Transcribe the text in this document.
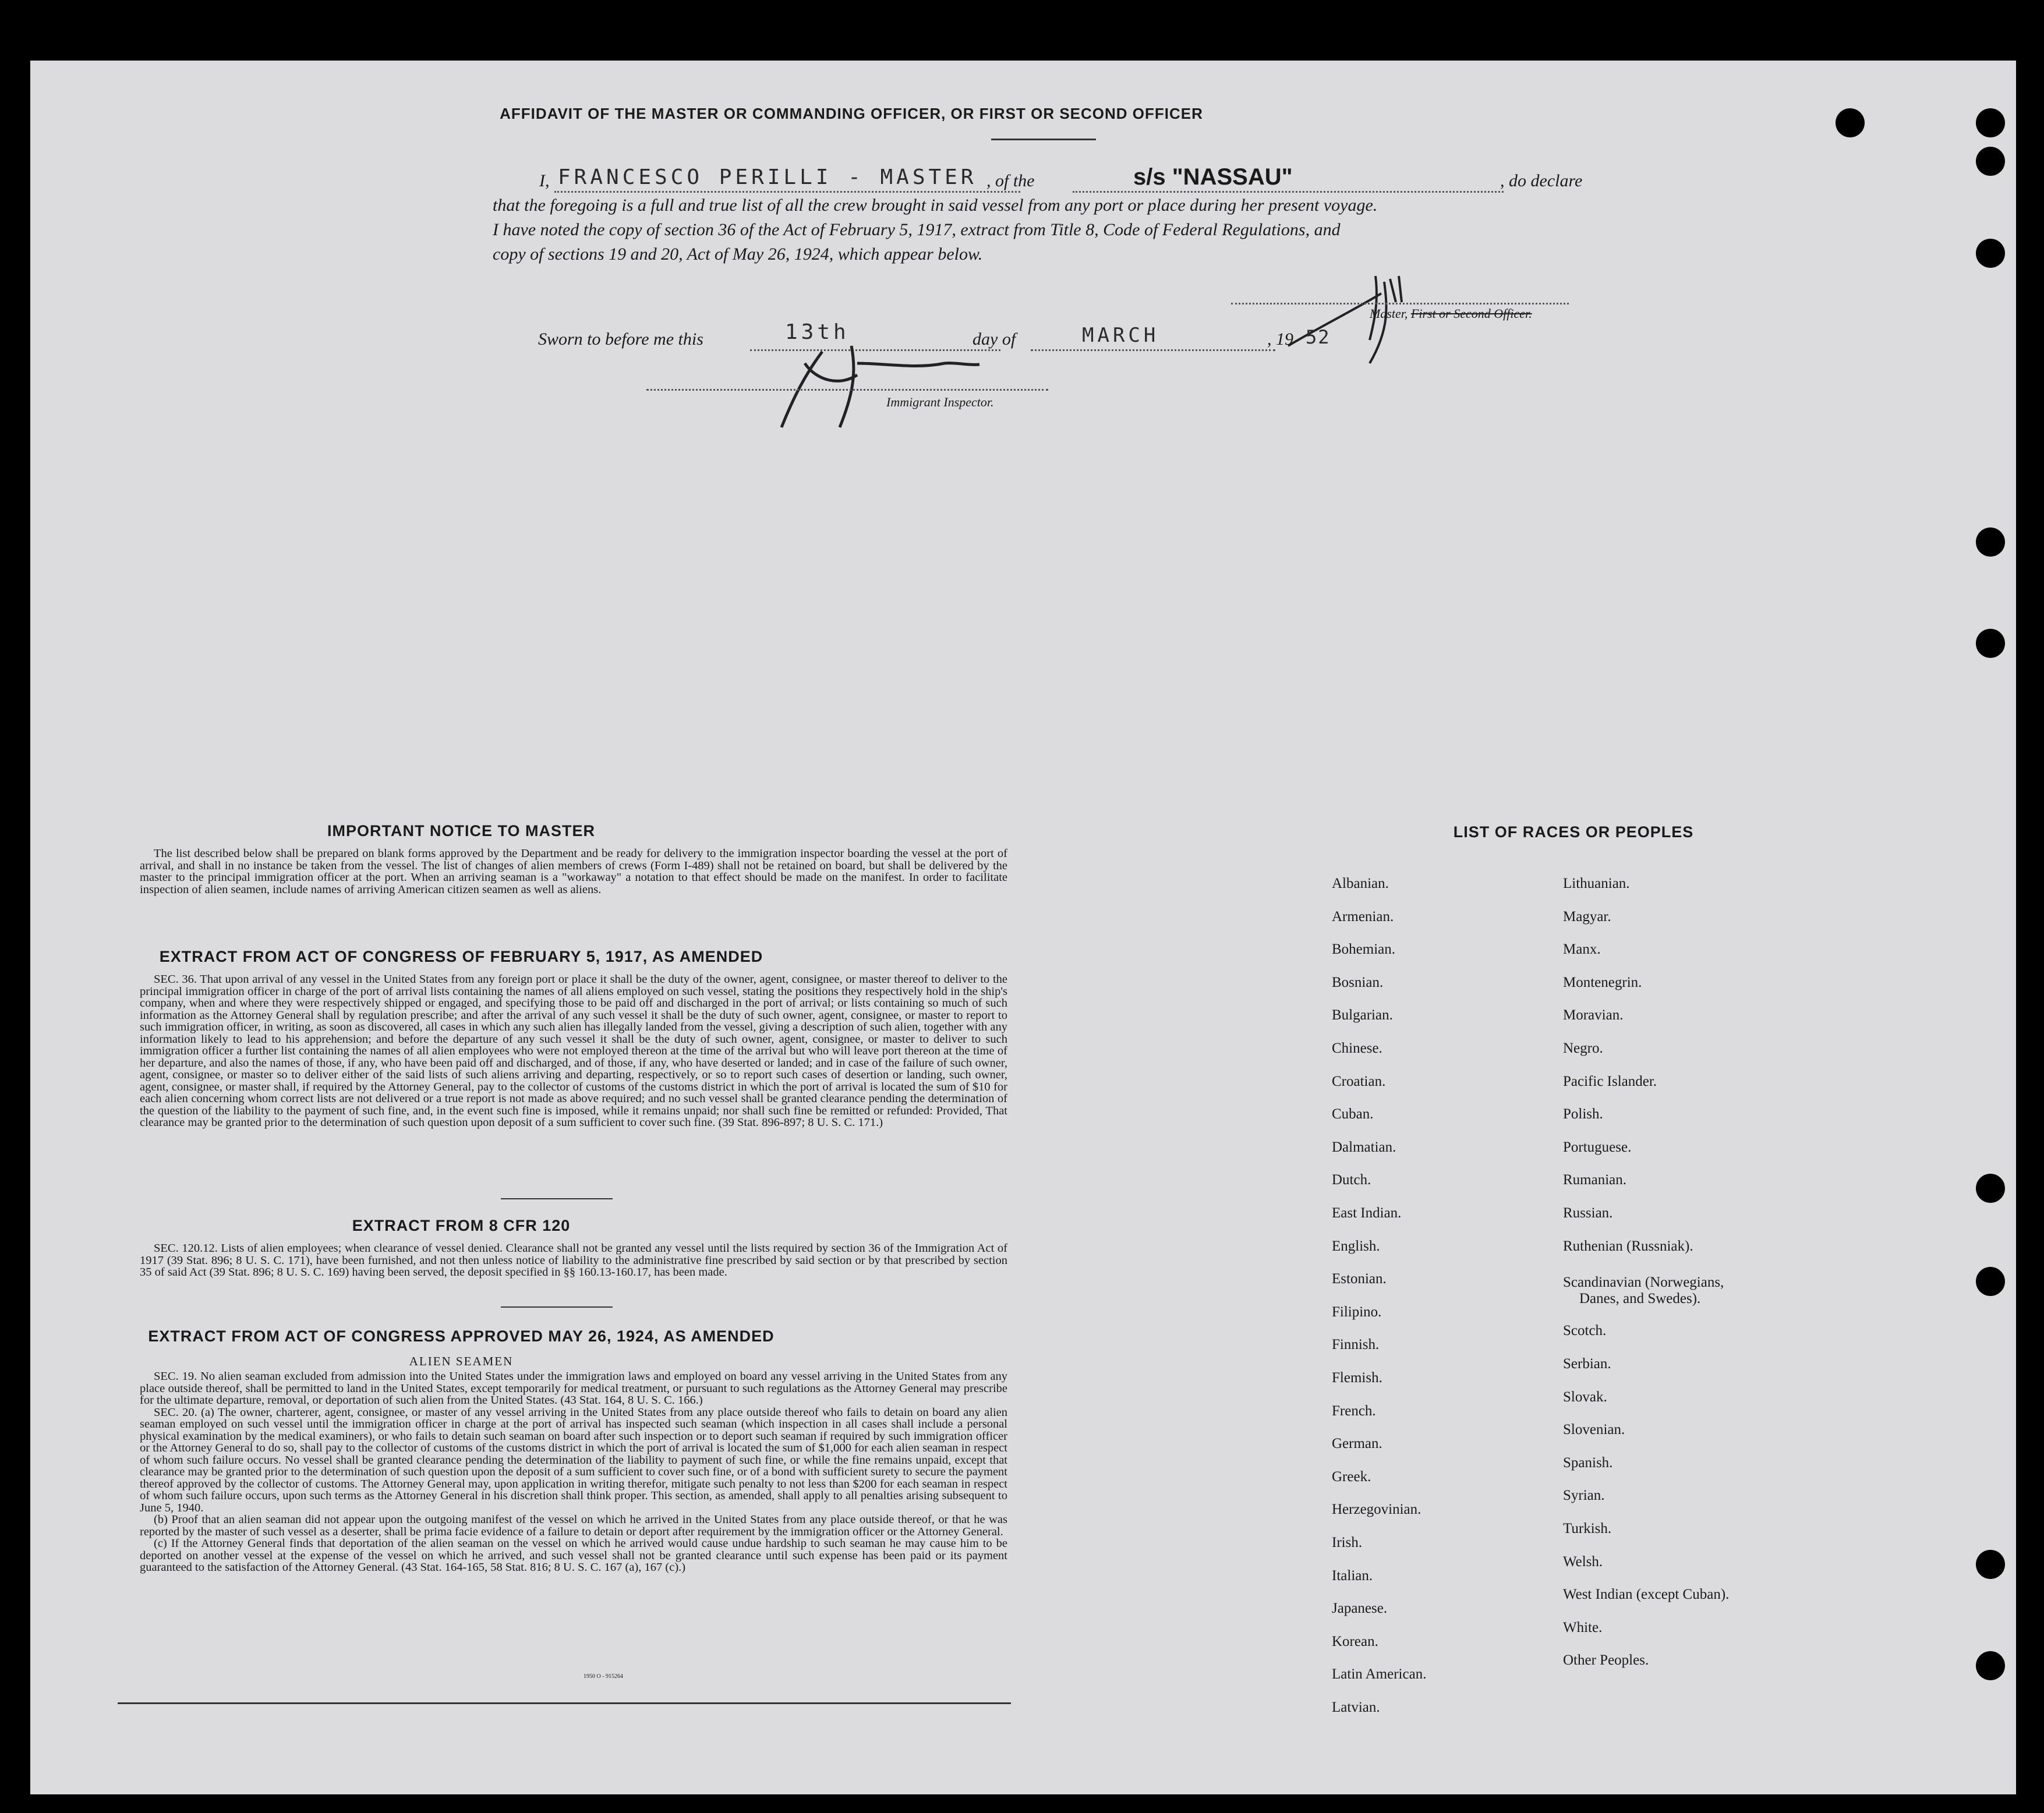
AFFIDAVIT OF THE MASTER OR COMMANDING OFFICER, OR FIRST OR SECOND OFFICER
I, FRANCESCO PERILLI - MASTER , of the	s/s "NASSAU"	, do declare
that the foregoing is a full and true list of all the crew brought in said vessel from any port or place during her present voyage.
I have noted the copy of section 36 of the Act of February 5, 1917, extract from Title 8, Code of Federal Regulations, and
copy of sections 19 and 20, Act of May 26, 1924, which appear below.
Master, First or Second Officer.
Sworn to before me this	13th	day of	MARCH	, 19 52
Immigrant Inspector.
IMPORTANT NOTICE TO MASTER

The list described below shall be prepared on blank forms approved by the Department and be ready for delivery to the immigration inspector boarding the vessel at the port of arrival, and shall in no instance be taken from the vessel. The list of changes of alien members of crews (Form I-489) shall not be retained on board, but shall be delivered by the master to the principal immigration officer at the port. When an arriving seaman is a "workaway" a notation to that effect should be made on the manifest. In order to facilitate inspection of alien seamen, include names of arriving American citizen seamen as well as aliens.

EXTRACT FROM ACT OF CONGRESS OF FEBRUARY 5, 1917, AS AMENDED

SEC. 36. That upon arrival of any vessel in the United States from any foreign port or place it shall be the duty of the owner, agent, consignee, or master thereof to deliver to the principal immigration officer in charge of the port of arrival lists containing the names of all aliens employed on such vessel, stating the positions they respectively hold in the ship's company, when and where they were respectively shipped or engaged, and specifying those to be paid off and discharged in the port of arrival; or lists containing so much of such information as the Attorney General shall by regulation prescribe; and after the arrival of any such vessel it shall be the duty of such owner, agent, consignee, or master to report to such immigration officer, in writing, as soon as discovered, all cases in which any such alien has illegally landed from the vessel, giving a description of such alien, together with any information likely to lead to his apprehension; and before the departure of any such vessel it shall be the duty of such owner, agent, consignee, or master to deliver to such immigration officer a further list containing the names of all alien employees who were not employed thereon at the time of the arrival but who will leave port thereon at the time of her departure, and also the names of those, if any, who have been paid off and discharged, and of those, if any, who have deserted or landed; and in case of the failure of such owner, agent, consignee, or master so to deliver either of the said lists of such aliens arriving and departing, respectively, or so to report such cases of desertion or landing, such owner, agent, consignee, or master shall, if required by the Attorney General, pay to the collector of customs of the customs district in which the port of arrival is located the sum of $10 for each alien concerning whom correct lists are not delivered or a true report is not made as above required; and no such vessel shall be granted clearance pending the determination of the question of the liability to the payment of such fine, and, in the event such fine is imposed, while it remains unpaid; nor shall such fine be remitted or refunded: Provided, That clearance may be granted prior to the determination of such question upon deposit of a sum sufficient to cover such fine. (39 Stat. 896-897; 8 U. S. C. 171.)

EXTRACT FROM 8 CFR 120

SEC. 120.12. Lists of alien employees; when clearance of vessel denied. Clearance shall not be granted any vessel until the lists required by section 36 of the Immigration Act of 1917 (39 Stat. 896; 8 U. S. C. 171), have been furnished, and not then unless notice of liability to the administrative fine prescribed by said section or by that prescribed by section 35 of said Act (39 Stat. 896; 8 U. S. C. 169) having been served, the deposit specified in §§ 160.13-160.17, has been made.

EXTRACT FROM ACT OF CONGRESS APPROVED MAY 26, 1924, AS AMENDED
ALIEN SEAMEN

SEC. 19. No alien seaman excluded from admission into the United States under the immigration laws and employed on board any vessel arriving in the United States from any place outside thereof, shall be permitted to land in the United States, except temporarily for medical treatment, or pursuant to such regulations as the Attorney General may prescribe for the ultimate departure, removal, or deportation of such alien from the United States. (43 Stat. 164, 8 U. S. C. 166.)

SEC. 20. (a) The owner, charterer, agent, consignee, or master of any vessel arriving in the United States from any place outside thereof who fails to detain on board any alien seaman employed on such vessel until the immigration officer in charge at the port of arrival has inspected such seaman (which inspection in all cases shall include a personal physical examination by the medical examiners), or who fails to detain such seaman on board after such inspection or to deport such seaman if required by such immigration officer or the Attorney General to do so, shall pay to the collector of customs of the customs district in which the port of arrival is located the sum of $1,000 for each alien seaman in respect of whom such failure occurs. No vessel shall be granted clearance pending the determination of the liability to payment of such fine, or while the fine remains unpaid, except that clearance may be granted prior to the determination of such question upon the deposit of a sum sufficient to cover such fine, or of a bond with sufficient surety to secure the payment thereof approved by the collector of customs. The Attorney General may, upon application in writing therefor, mitigate such penalty to not less than $200 for each seaman in respect of whom such failure occurs, upon such terms as the Attorney General in his discretion shall think proper. This section, as amended, shall apply to all penalties arising subsequent to June 5, 1940.

(b) Proof that an alien seaman did not appear upon the outgoing manifest of the vessel on which he arrived in the United States from any place outside thereof, or that he was reported by the master of such vessel as a deserter, shall be prima facie evidence of a failure to detain or deport after requirement by the immigration officer or the Attorney General.

(c) If the Attorney General finds that deportation of the alien seaman on the vessel on which he arrived would cause undue hardship to such seaman he may cause him to be deported on another vessel at the expense of the vessel on which he arrived, and such vessel shall not be granted clearance until such expense has been paid or its payment guaranteed to the satisfaction of the Attorney General. (43 Stat. 164-165, 58 Stat. 816; 8 U. S. C. 167 (a), 167 (c).)

1950 O - 915264
LIST OF RACES OR PEOPLES
Albanian.
Armenian.
Bohemian.
Bosnian.
Bulgarian.
Chinese.
Croatian.
Cuban.
Dalmatian.
Dutch.
East Indian.
English.
Estonian.
Filipino.
Finnish.
Flemish.
French.
German.
Greek.
Herzegovinian.
Irish.
Italian.
Japanese.
Korean.
Latin American.
Latvian.
Lithuanian.
Magyar.
Manx.
Montenegrin.
Moravian.
Negro.
Pacific Islander.
Polish.
Portuguese.
Rumanian.
Russian.
Ruthenian (Russniak).
Scandinavian (Norwegians,
Danes, and Swedes).
Scotch.
Serbian.
Slovak.
Slovenian.
Spanish.
Syrian.
Turkish.
Welsh.
West Indian (except Cuban).
White.
Other Peoples.
